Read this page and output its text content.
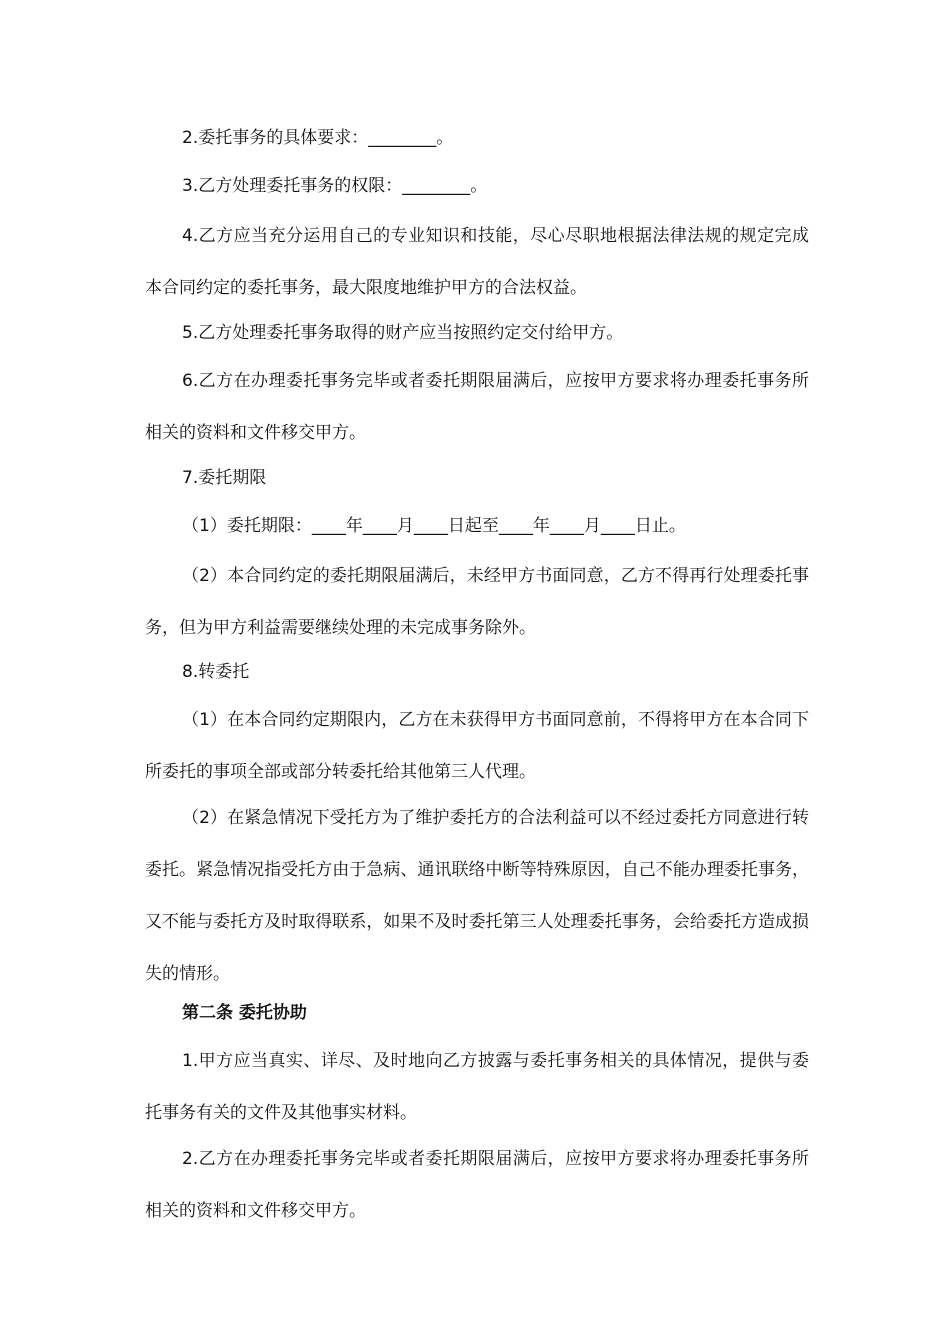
2.委托事务的具体要求：________。

3.乙方处理委托事务的权限：________。

4.乙方应当充分运用自己的专业知识和技能，尽心尽职地根据法律法规的规定完成本合同约定的委托事务，最大限度地维护甲方的合法权益。

5.乙方处理委托事务取得的财产应当按照约定交付给甲方。

6.乙方在办理委托事务完毕或者委托期限届满后，应按甲方要求将办理委托事务所相关的资料和文件移交甲方。

7.委托期限

（1）委托期限：____年____月____日起至____年____月____日止。

（2）本合同约定的委托期限届满后，未经甲方书面同意，乙方不得再行处理委托事务，但为甲方利益需要继续处理的未完成事务除外。

8.转委托

（1）在本合同约定期限内，乙方在未获得甲方书面同意前，不得将甲方在本合同下所委托的事项全部或部分转委托给其他第三人代理。

（2）在紧急情况下受托方为了维护委托方的合法利益可以不经过委托方同意进行转委托。紧急情况指受托方由于急病、通讯联络中断等特殊原因，自己不能办理委托事务，又不能与委托方及时取得联系，如果不及时委托第三人处理委托事务，会给委托方造成损失的情形。

第二条 委托协助

1.甲方应当真实、详尽、及时地向乙方披露与委托事务相关的具体情况，提供与委托事务有关的文件及其他事实材料。

2.乙方在办理委托事务完毕或者委托期限届满后，应按甲方要求将办理委托事务所相关的资料和文件移交甲方。
